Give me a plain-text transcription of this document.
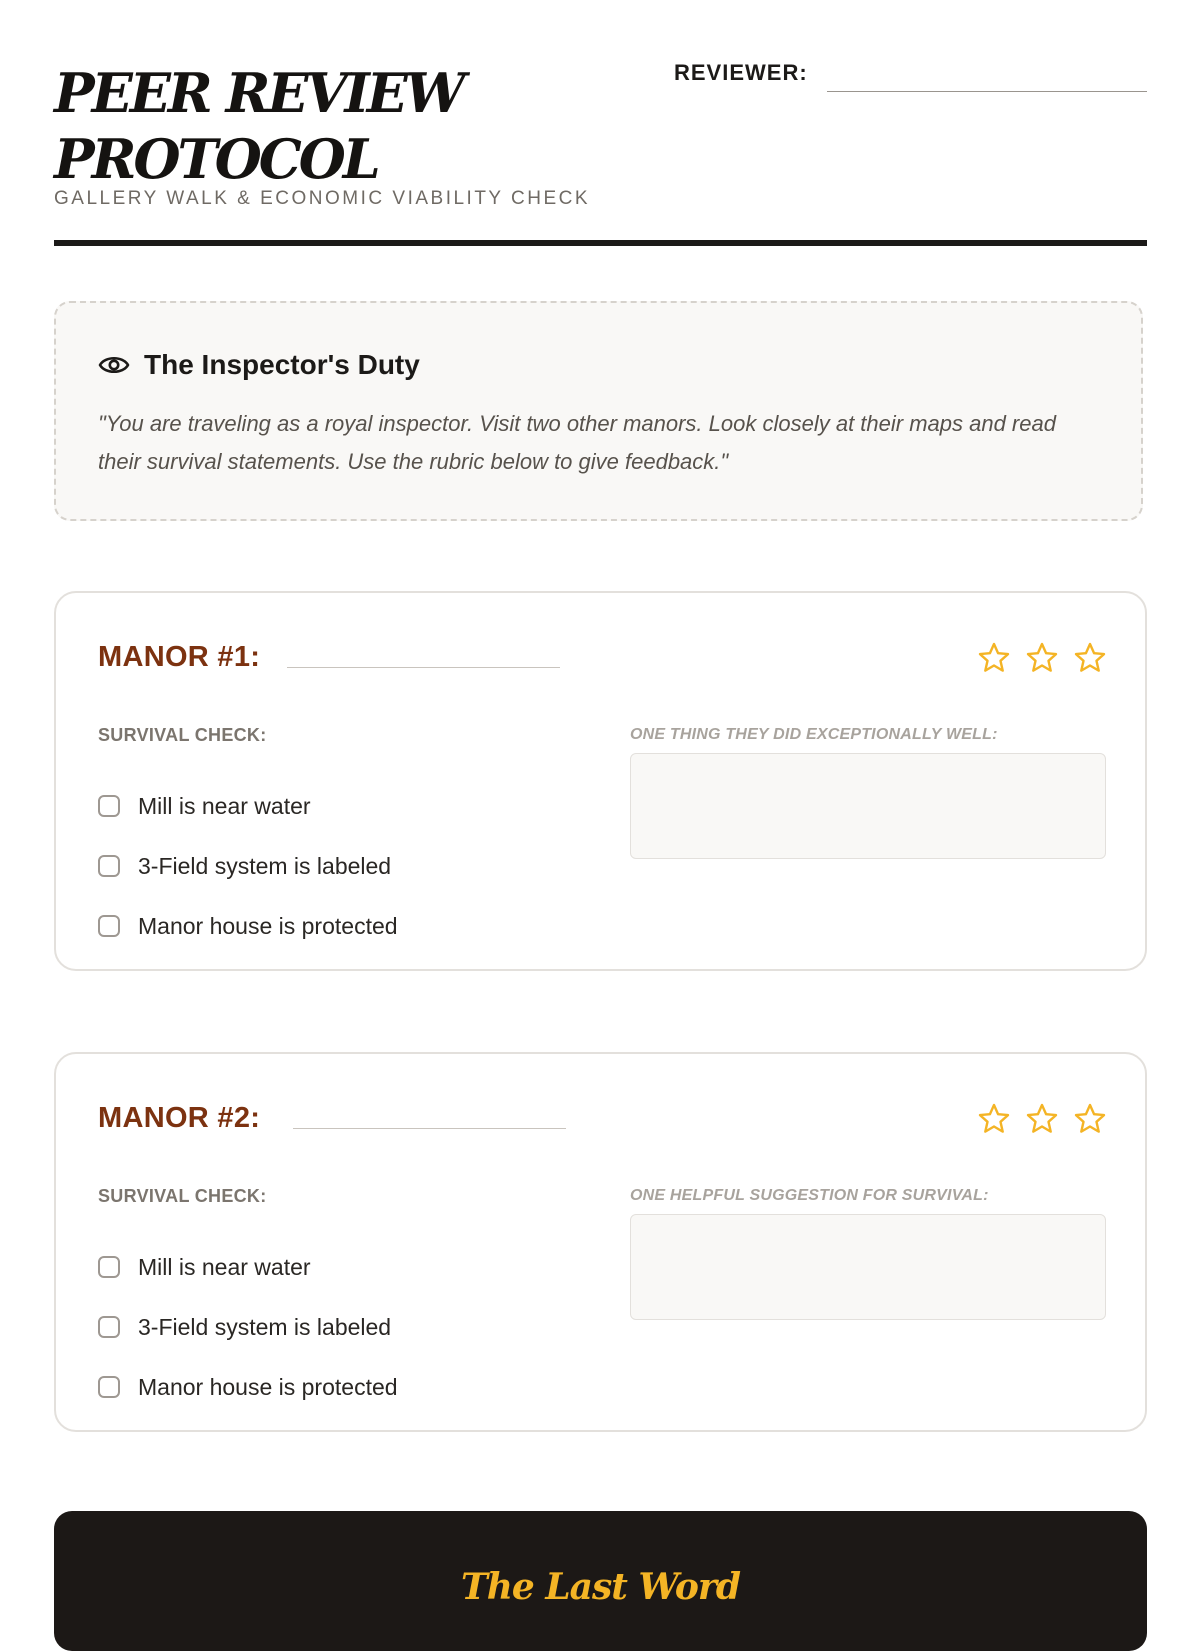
PEER REVIEW
PROTOCOL
GALLERY WALK & ECONOMIC VIABILITY CHECK
REVIEWER:
The Inspector's Duty
"You are traveling as a royal inspector. Visit two other manors. Look closely at their maps and read their survival statements. Use the rubric below to give feedback."
MANOR #1:
SURVIVAL CHECK:
Mill is near water
3-Field system is labeled
Manor house is protected
ONE THING THEY DID EXCEPTIONALLY WELL:
MANOR #2:
SURVIVAL CHECK:
Mill is near water
3-Field system is labeled
Manor house is protected
ONE HELPFUL SUGGESTION FOR SURVIVAL:
The Last Word
